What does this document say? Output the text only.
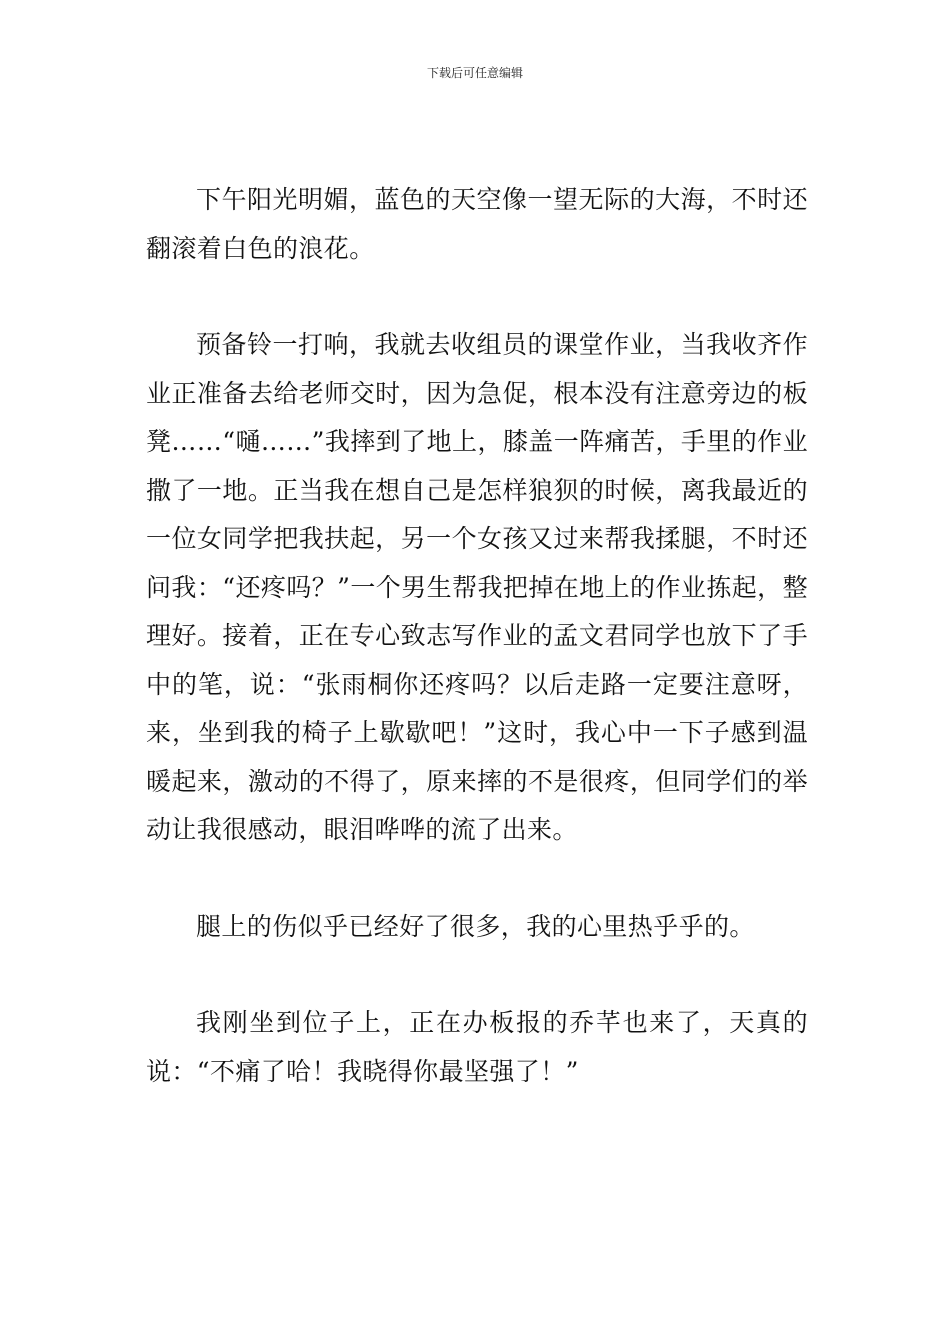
下载后可任意编辑

下午阳光明媚，蓝色的天空像一望无际的大海，不时还翻滚着白色的浪花。

预备铃一打响，我就去收组员的课堂作业，当我收齐作业正准备去给老师交时，因为急促，根本没有注意旁边的板凳……“嗵……”我摔到了地上，膝盖一阵痛苦，手里的作业撒了一地。正当我在想自己是怎样狼狈的时候，离我最近的一位女同学把我扶起，另一个女孩又过来帮我揉腿，不时还问我：“还疼吗？”一个男生帮我把掉在地上的作业拣起，整理好。接着，正在专心致志写作业的孟文君同学也放下了手中的笔，说：“张雨桐你还疼吗？以后走路一定要注意呀，来，坐到我的椅子上歇歇吧！”这时，我心中一下子感到温暖起来，激动的不得了，原来摔的不是很疼，但同学们的举动让我很感动，眼泪哗哗的流了出来。

腿上的伤似乎已经好了很多，我的心里热乎乎的。

我刚坐到位子上，正在办板报的乔芊也来了，天真的说：“不痛了哈！我晓得你最坚强了！”
